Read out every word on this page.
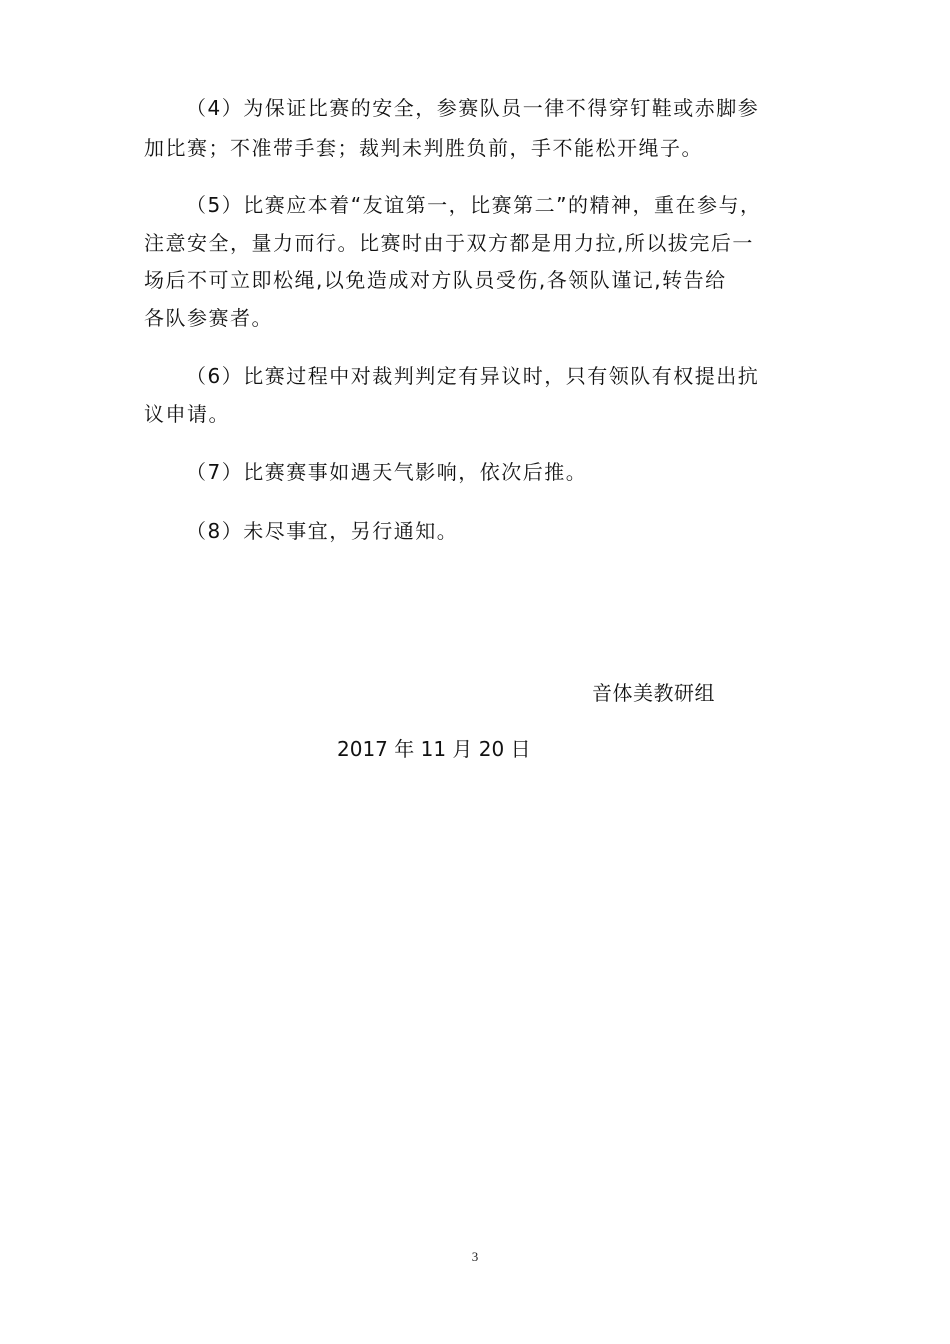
（4）为保证比赛的安全，参赛队员一律不得穿钉鞋或赤脚参
加比赛；不准带手套；裁判未判胜负前，手不能松开绳子。
（5）比赛应本着“友谊第一，比赛第二”的精神，重在参与，
注意安全，量力而行。比赛时由于双方都是用力拉,所以拔完后一
场后不可立即松绳,以免造成对方队员受伤,各领队谨记,转告给
各队参赛者。
（6）比赛过程中对裁判判定有异议时，只有领队有权提出抗
议申请。
（7）比赛赛事如遇天气影响，依次后推。
（8）未尽事宜，另行通知。
音体美教研组
2017 年 11 月 20 日
3
